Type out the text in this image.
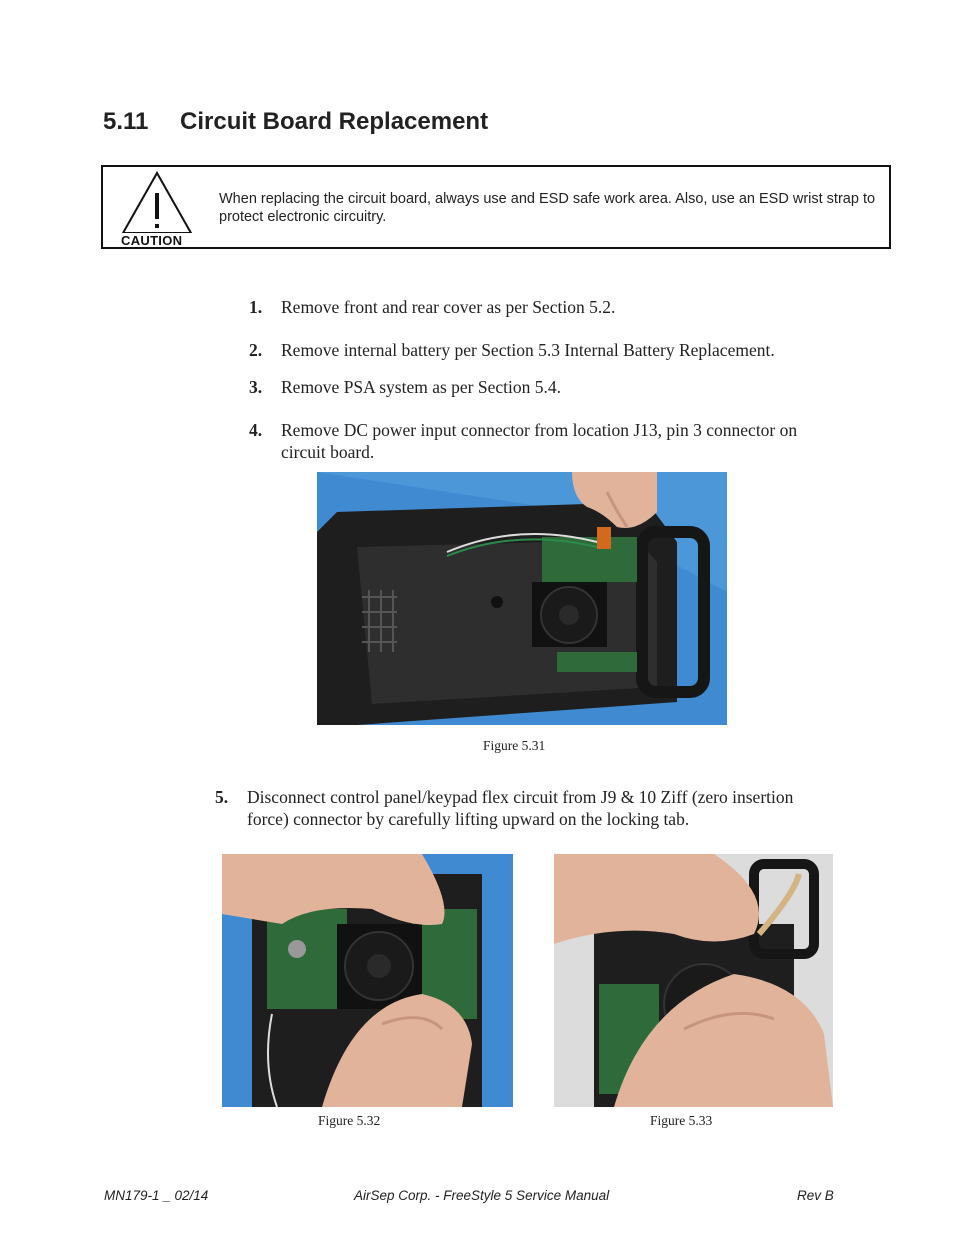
5.11 Circuit Board Replacement
CAUTION
When replacing the circuit board, always use and ESD safe work area. Also, use an ESD wrist strap to protect electronic circuitry.
1. Remove front and rear cover as per Section 5.2.
2. Remove internal battery per Section 5.3 Internal Battery Replacement.
3. Remove PSA system as per Section 5.4.
4. Remove DC power input connector from location J13, pin 3 connector on circuit board.
Figure 5.31
5. Disconnect control panel/keypad flex circuit from J9 & 10 Ziff (zero insertion force) connector by carefully lifting upward on the locking tab.
Figure 5.32	Figure 5.33
MN179-1 _ 02/14	AirSep Corp. - FreeStyle 5 Service Manual	Rev B
